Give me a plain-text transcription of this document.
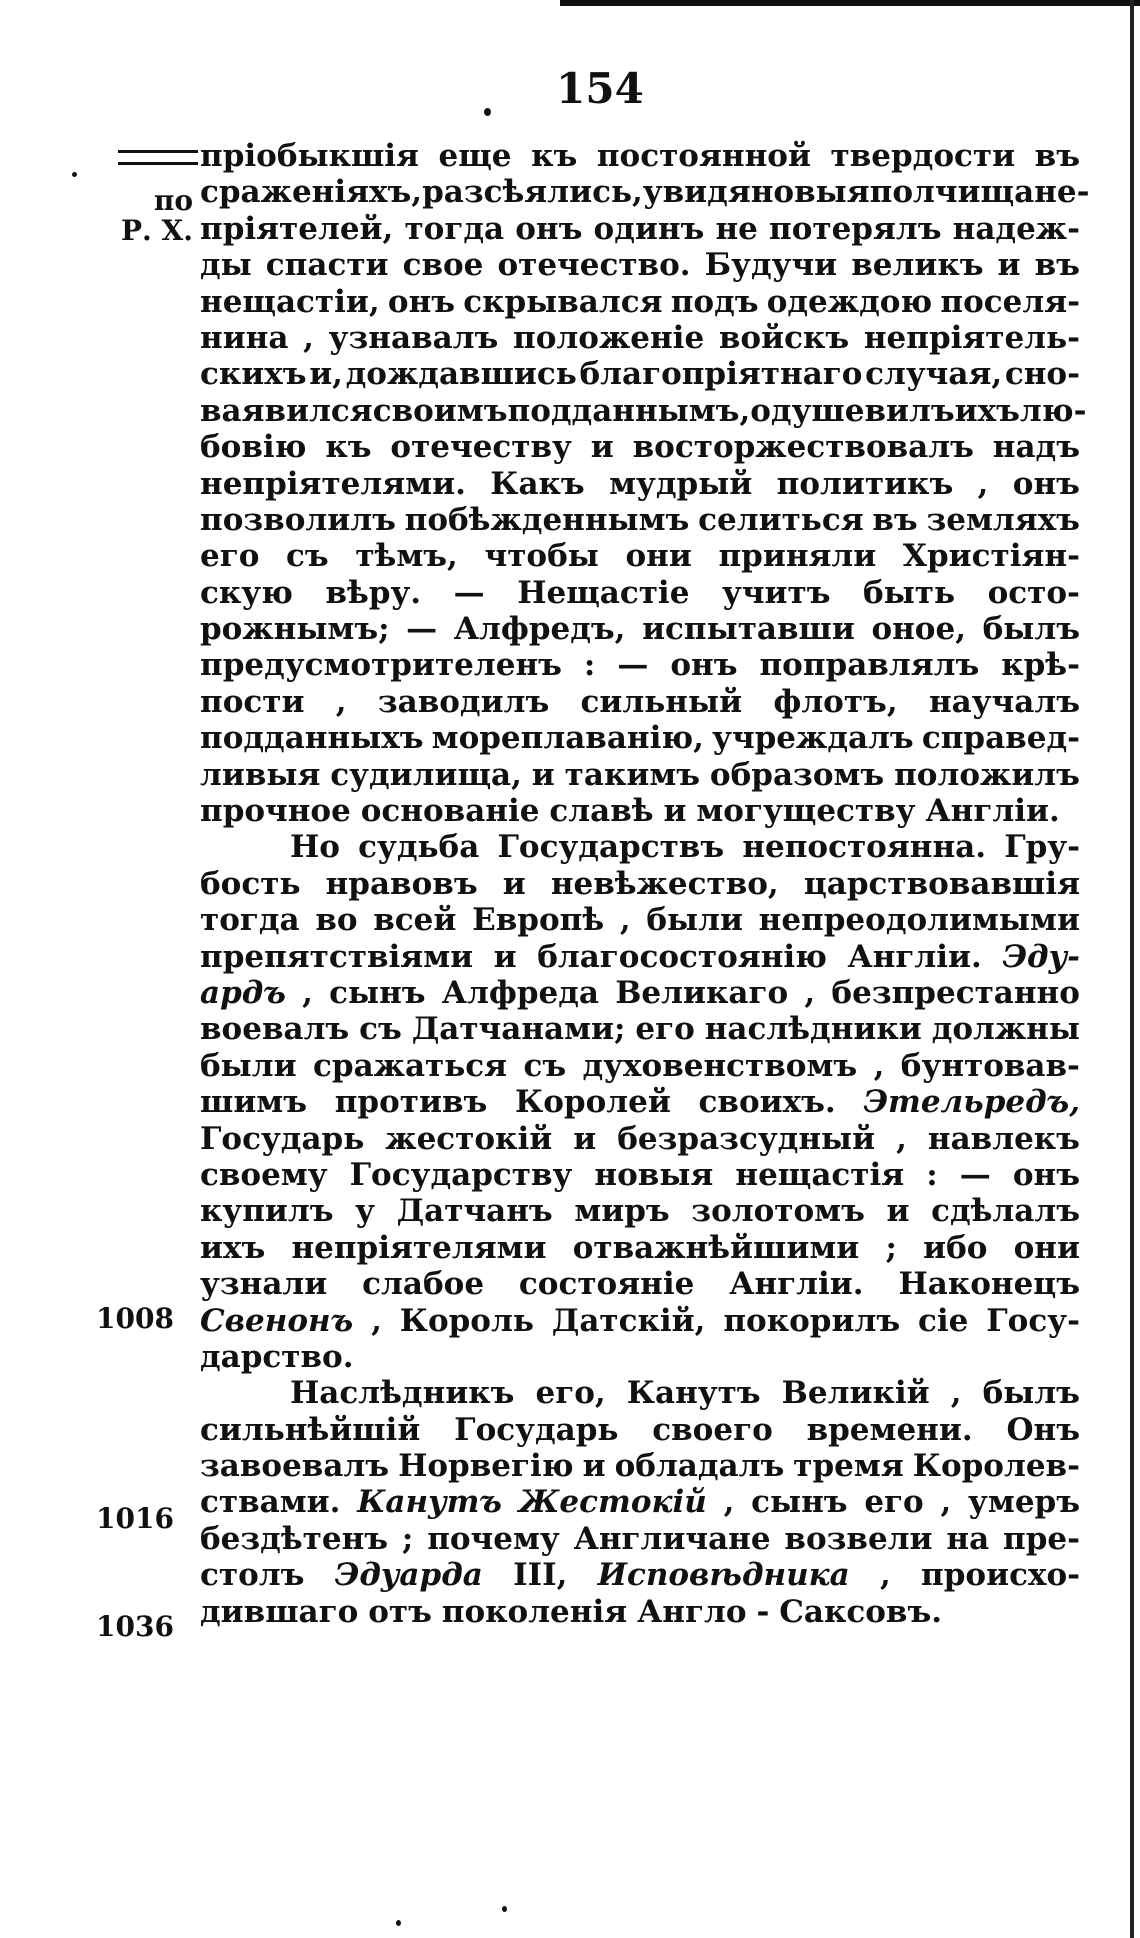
154
по
Р. Х.
1008
1016
1036
пріобыкшія еще къ постоянной твердости въ
сраженіяхъ, разсѣялись, увидя новыя полчища не-
пріятелей, тогда онъ одинъ не потерялъ надеж-
ды спасти свое отечество. Будучи великъ и въ
нещастіи, онъ скрывался подъ одеждою поселя-
нина , узнавалъ положеніе войскъ непріятель-
скихъ и, дождавшись благопріятнаго случая, сно-
ва явился своимъ подданнымъ, одушевилъ ихъ лю-
бовію къ отечеству и восторжествовалъ надъ
непріятелями. Какъ мудрый политикъ , онъ
позволилъ побѣжденнымъ селиться въ земляхъ
его съ тѣмъ, чтобы они приняли Христіян-
скую вѣру. — Нещастіе учитъ быть осто-
рожнымъ; — Алфредъ, испытавши оное, былъ
предусмотрителенъ : — онъ поправлялъ крѣ-
пости , заводилъ сильный флотъ, научалъ
подданныхъ мореплаванію, учреждалъ справед-
ливыя судилища, и такимъ образомъ положилъ
прочное основаніе славѣ и могуществу Англіи.
Но судьба Государствъ непостоянна. Гру-
бость нравовъ и невѣжество, царствовавшія
тогда во всей Европѣ , были непреодолимыми
препятствіями и благосостоянію Англіи. Эду-
ардъ , сынъ Алфреда Великаго , безпрестанно
воевалъ съ Датчанами; его наслѣдники должны
были сражаться съ духовенствомъ , бунтовав-
шимъ противъ Королей своихъ. Этельредъ,
Государь жестокій и безразсудный , навлекъ
своему Государству новыя нещастія : — онъ
купилъ у Датчанъ миръ золотомъ и сдѣлалъ
ихъ непріятелями отважнѣйшими ; ибо они
узнали слабое состояніе Англіи. Наконецъ
Свенонъ , Король Датскій, покорилъ сіе Госу-
дарство.
Наслѣдникъ его, Канутъ Великій , былъ
сильнѣйшій Государь своего времени. Онъ
завоевалъ Норвегію и обладалъ тремя Королев-
ствами. Канутъ Жестокій , сынъ его , умеръ
бездѣтенъ ; почему Англичане возвели на пре-
столъ Эдуарда III, Исповѣдника , происхо-
дившаго отъ поколенія Англо - Саксовъ.
